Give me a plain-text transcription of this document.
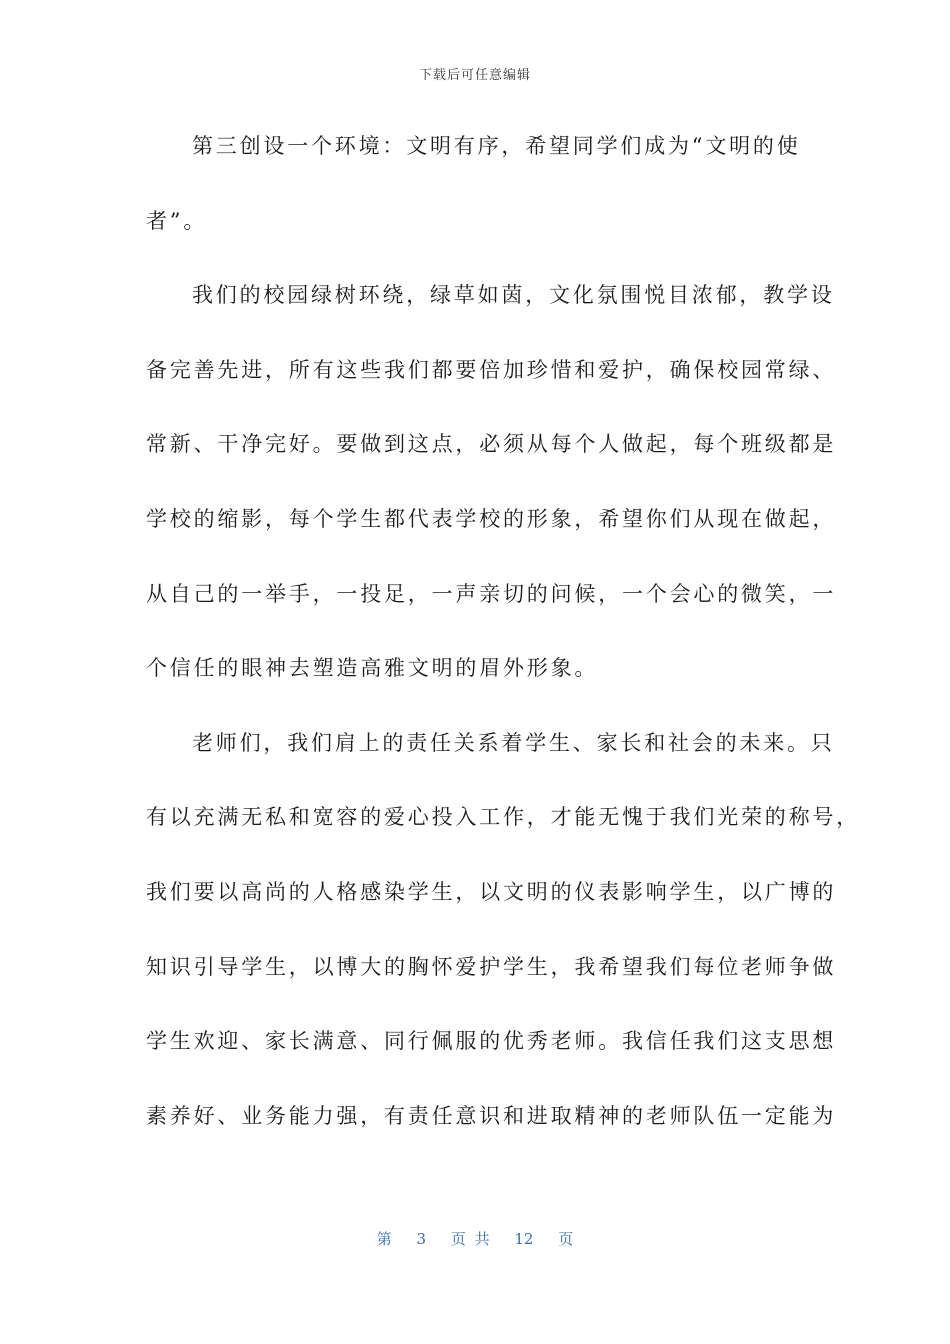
下载后可任意编辑
第三创设一个环境：文明有序，希望同学们成为“文明的使
者”。
我们的校园绿树环绕，绿草如茵，文化氛围悦目浓郁，教学设
备完善先进，所有这些我们都要倍加珍惜和爱护，确保校园常绿、
常新、干净完好。要做到这点，必须从每个人做起，每个班级都是
学校的缩影，每个学生都代表学校的形象，希望你们从现在做起，
从自己的一举手，一投足，一声亲切的问候，一个会心的微笑，一
个信任的眼神去塑造高雅文明的眉外形象。
老师们，我们肩上的责任关系着学生、家长和社会的未来。只
有以充满无私和宽容的爱心投入工作，才能无愧于我们光荣的称号，
我们要以高尚的人格感染学生，以文明的仪表影响学生，以广博的
知识引导学生，以博大的胸怀爱护学生，我希望我们每位老师争做
学生欢迎、家长满意、同行佩服的优秀老师。我信任我们这支思想
素养好、业务能力强，有责任意识和进取精神的老师队伍一定能为
第 3 页 共 12 页
